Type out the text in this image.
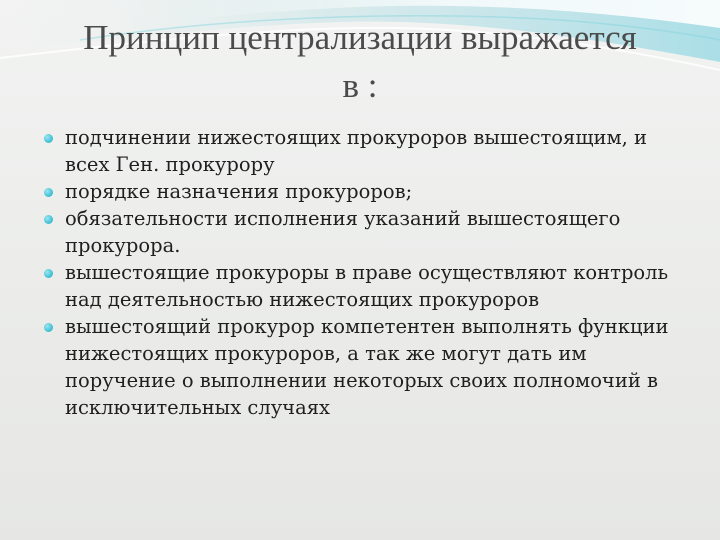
Принцип централизации выражается
в :
подчинении нижестоящих прокуроров вышестоящим, и всех Ген. прокурору
порядке назначения прокуроров;
обязательности исполнения указаний вышестоящего прокурора.
вышестоящие прокуроры в праве осуществляют контроль над деятельностью нижестоящих прокуроров
вышестоящий прокурор компетентен выполнять функции нижестоящих прокуроров, а так же могут дать им поручение о выполнении некоторых своих полномочий в исключительных случаях
